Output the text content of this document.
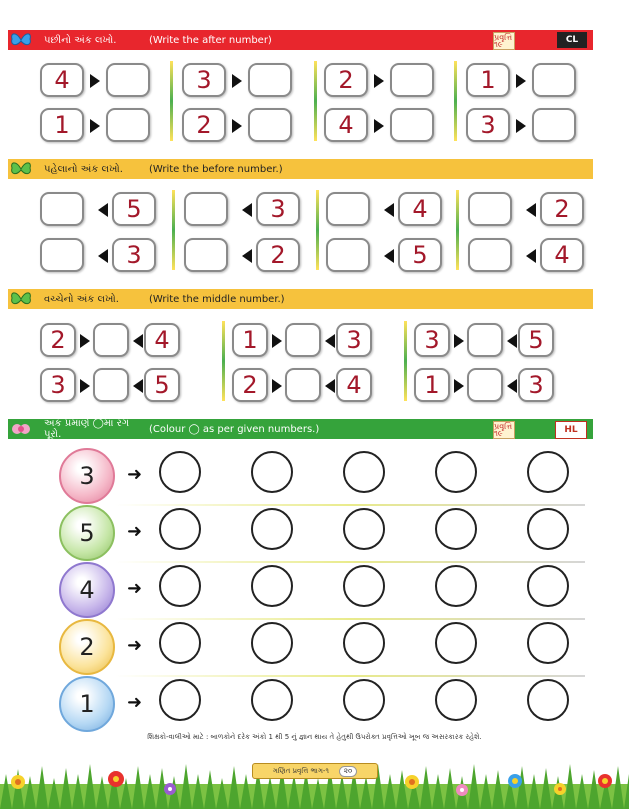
પછીનો અંક લખો.	(Write the after number)	પ્રવૃત્તિ ૧૯	CL
4	3	2	1
1	2	4	3
પહેલાનો અંક લખો.	(Write the before number.)
5	3	4	2
3	2	5	4
વચ્ચેનો અંક લખો.	(Write the middle number.)
2	4	1	3	3	5
3	5	2	4	1	3
અંક પ્રમાણે ◯માં રંગ પૂરો.	(Colour ◯ as per given numbers.)	પ્રવૃત્તિ ૧૯	HL
3	➜
5	➜
4	➜
2	➜
1	➜
શિક્ષકો-વાલીઓ માટે : બાળકોને દરેક અંકો 1 થી 5 નું જ્ઞાન થાય તે હેતુથી ઉપરોક્ત પ્રવૃત્તિઓ ખૂબ જ અસરકારક રહેશે.
ગણિત પ્રવૃત્તિ ભાગ-૧	૨૦
